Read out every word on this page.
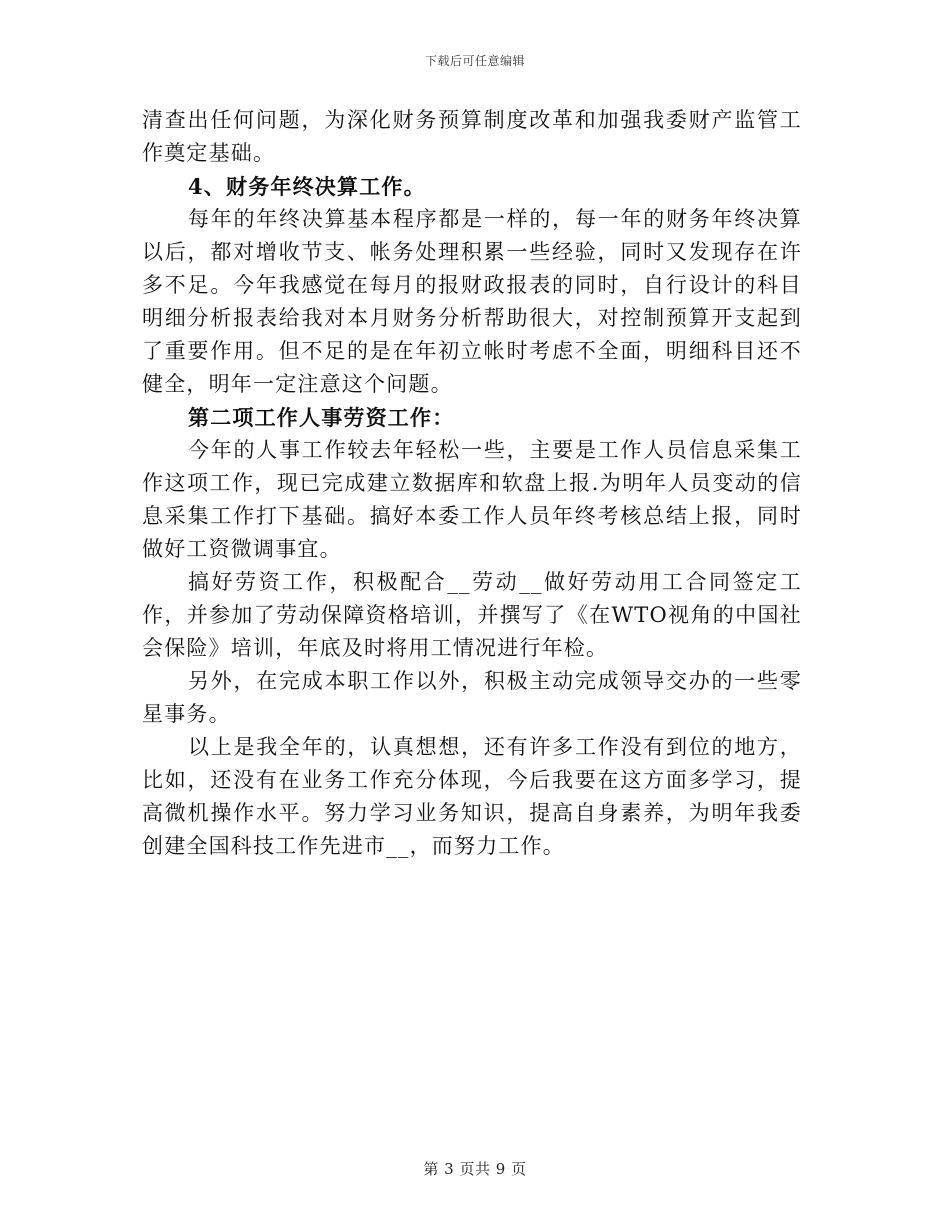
下载后可任意编辑

清查出任何问题，为深化财务预算制度改革和加强我委财产监管工作奠定基础。

4、财务年终决算工作。

每年的年终决算基本程序都是一样的，每一年的财务年终决算以后，都对增收节支、帐务处理积累一些经验，同时又发现存在许多不足。今年我感觉在每月的报财政报表的同时，自行设计的科目明细分析报表给我对本月财务分析帮助很大，对控制预算开支起到了重要作用。但不足的是在年初立帐时考虑不全面，明细科目还不健全，明年一定注意这个问题。

第二项工作人事劳资工作：

今年的人事工作较去年轻松一些，主要是工作人员信息采集工作这项工作，现已完成建立数据库和软盘上报.为明年人员变动的信息采集工作打下基础。搞好本委工作人员年终考核总结上报，同时做好工资微调事宜。

搞好劳资工作，积极配合__劳动__做好劳动用工合同签定工作，并参加了劳动保障资格培训，并撰写了《在WTO视角的中国社会保险》培训，年底及时将用工情况进行年检。

另外，在完成本职工作以外，积极主动完成领导交办的一些零星事务。

以上是我全年的，认真想想，还有许多工作没有到位的地方，比如，还没有在业务工作充分体现，今后我要在这方面多学习，提高微机操作水平。努力学习业务知识，提高自身素养，为明年我委创建全国科技工作先进市__，而努力工作。

第 3 页共 9 页
